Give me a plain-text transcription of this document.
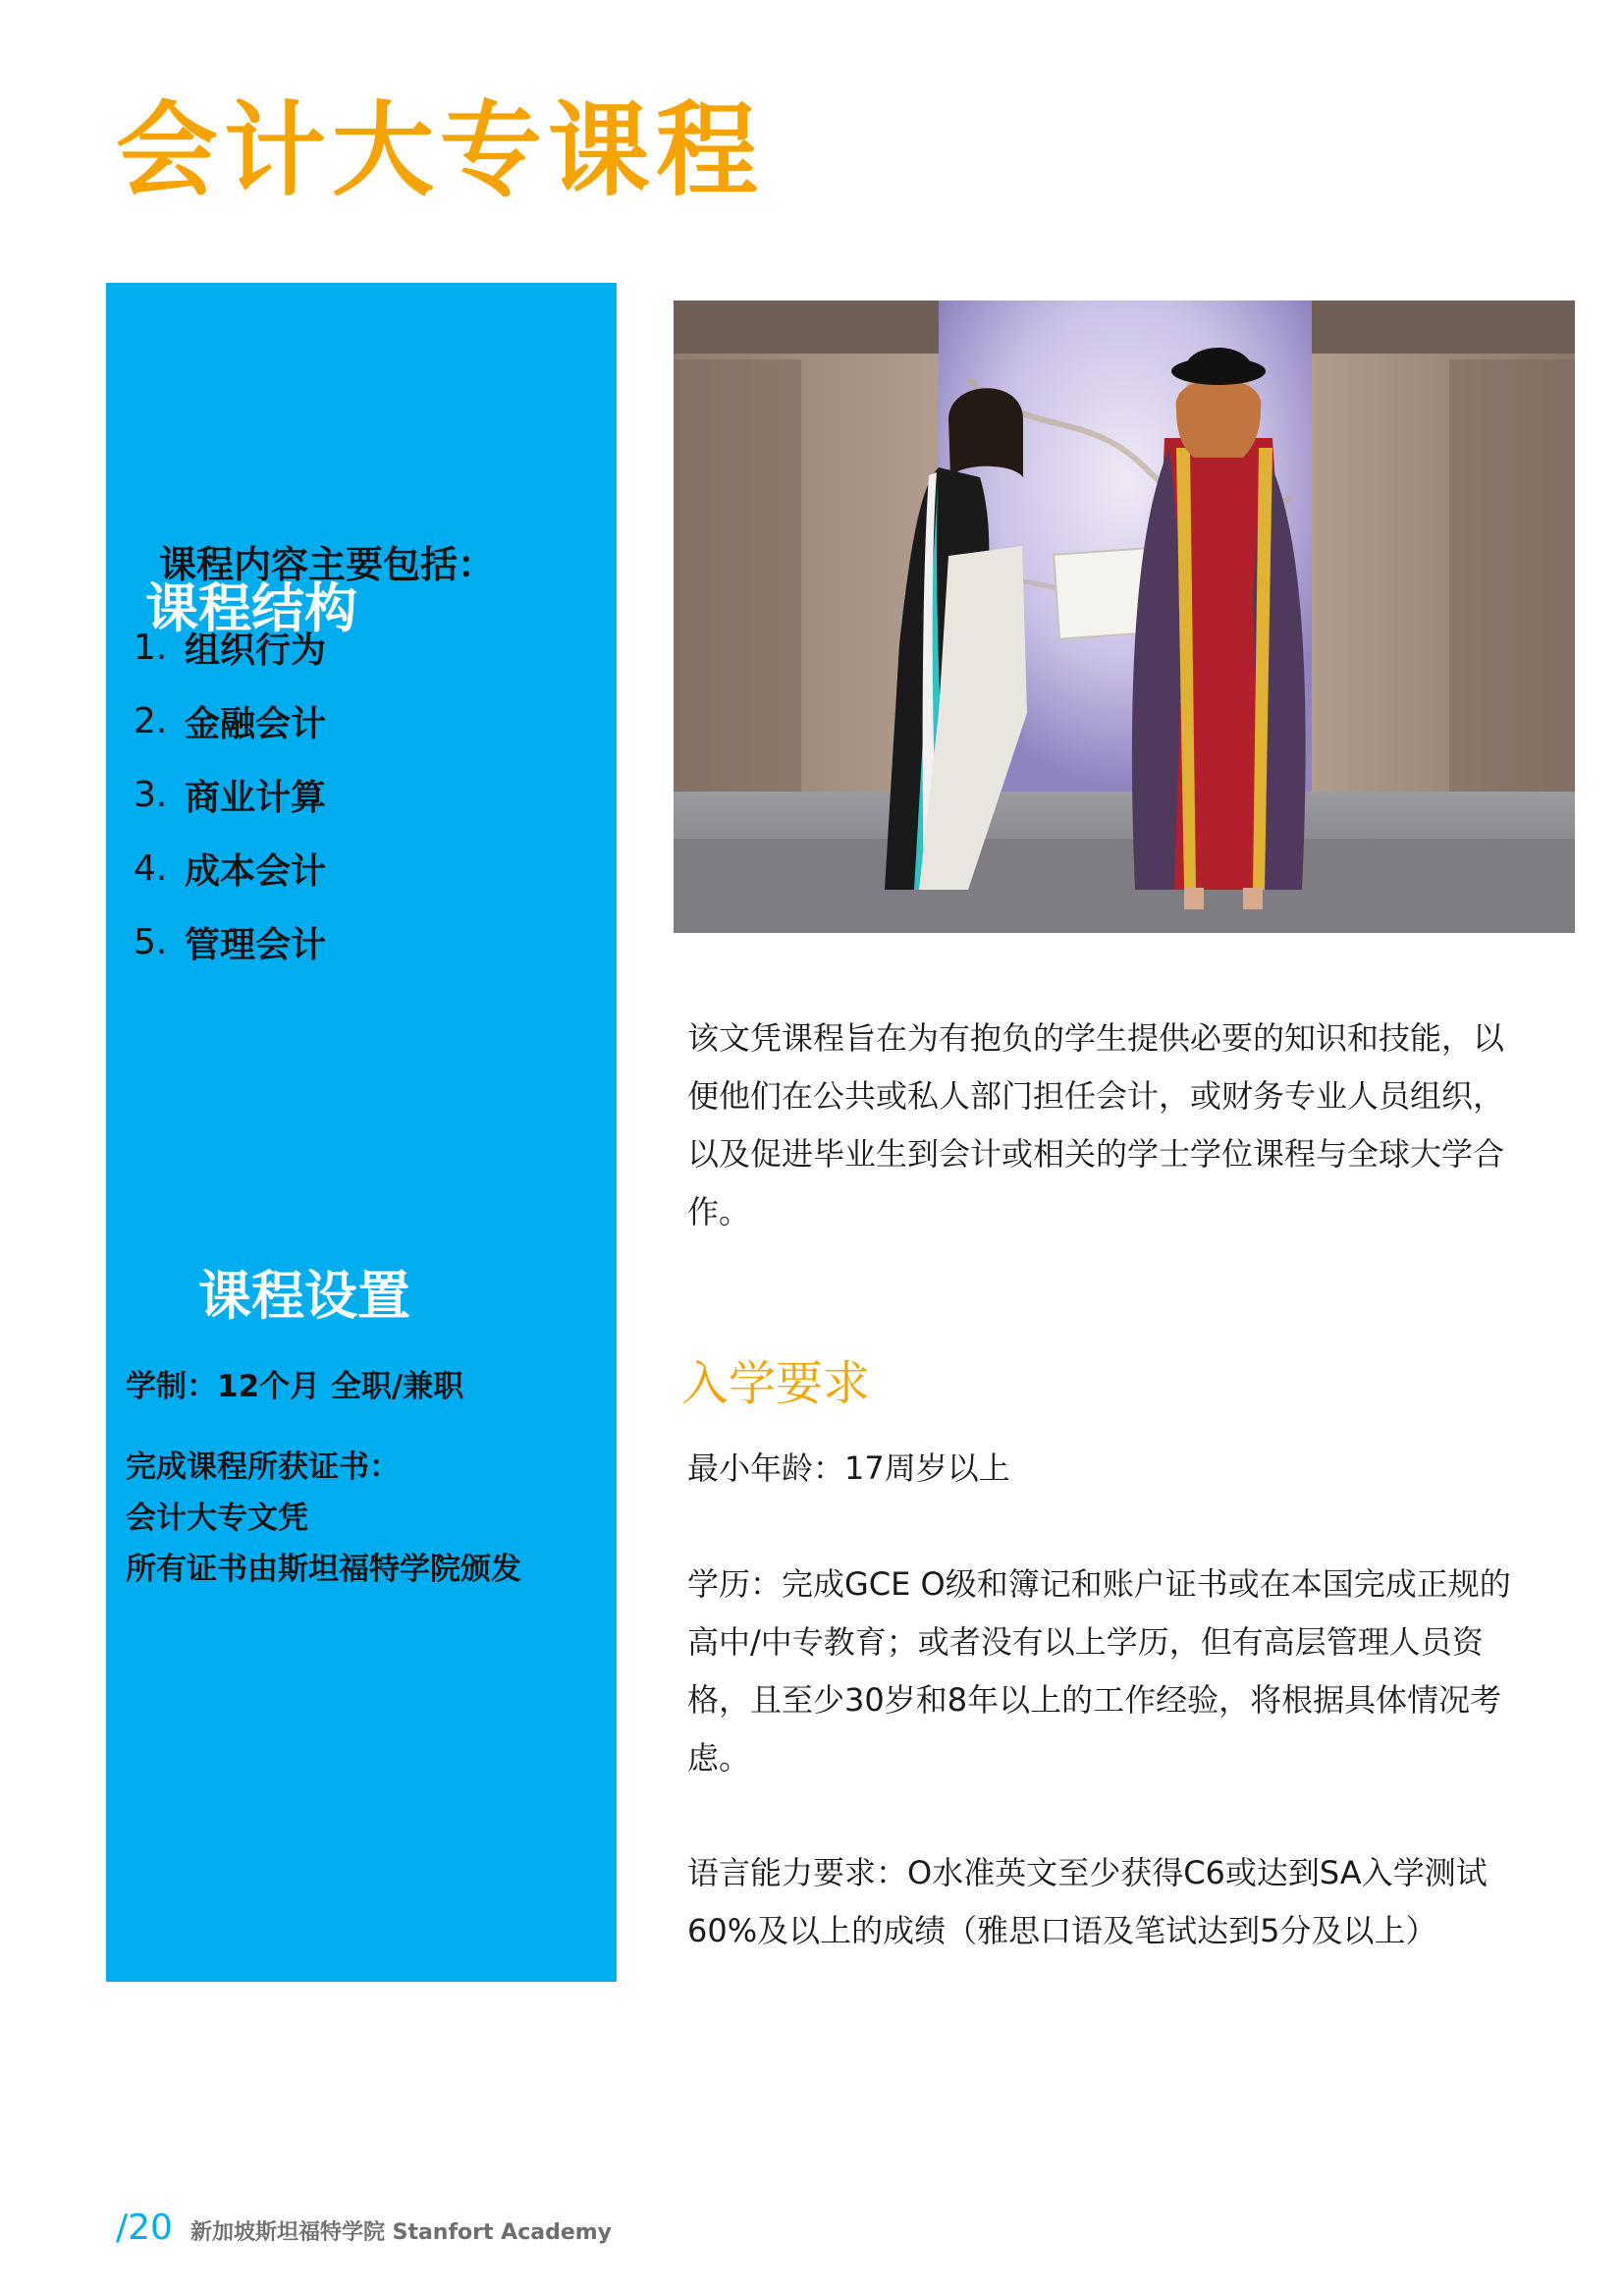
会计大专课程
课程结构
课程内容主要包括：
1. 组织行为
2. 金融会计
3. 商业计算
4. 成本会计
5. 管理会计
课程设置
学制：12个月 全职/兼职
完成课程所获证书：
会计大专文凭
所有证书由斯坦福特学院颁发
该文凭课程旨在为有抱负的学生提供必要的知识和技能，以便他们在公共或私人部门担任会计，或财务专业人员组织，以及促进毕业生到会计或相关的学士学位课程与全球大学合作。
入学要求
最小年龄：17周岁以上
学历：完成GCE O级和簿记和账户证书或在本国完成正规的高中/中专教育；或者没有以上学历，但有高层管理人员资格，且至少30岁和8年以上的工作经验，将根据具体情况考虑。
语言能力要求：O水准英文至少获得C6或达到SA入学测试60%及以上的成绩（雅思口语及笔试达到5分及以上）
/20 新加坡斯坦福特学院 Stanfort Academy
